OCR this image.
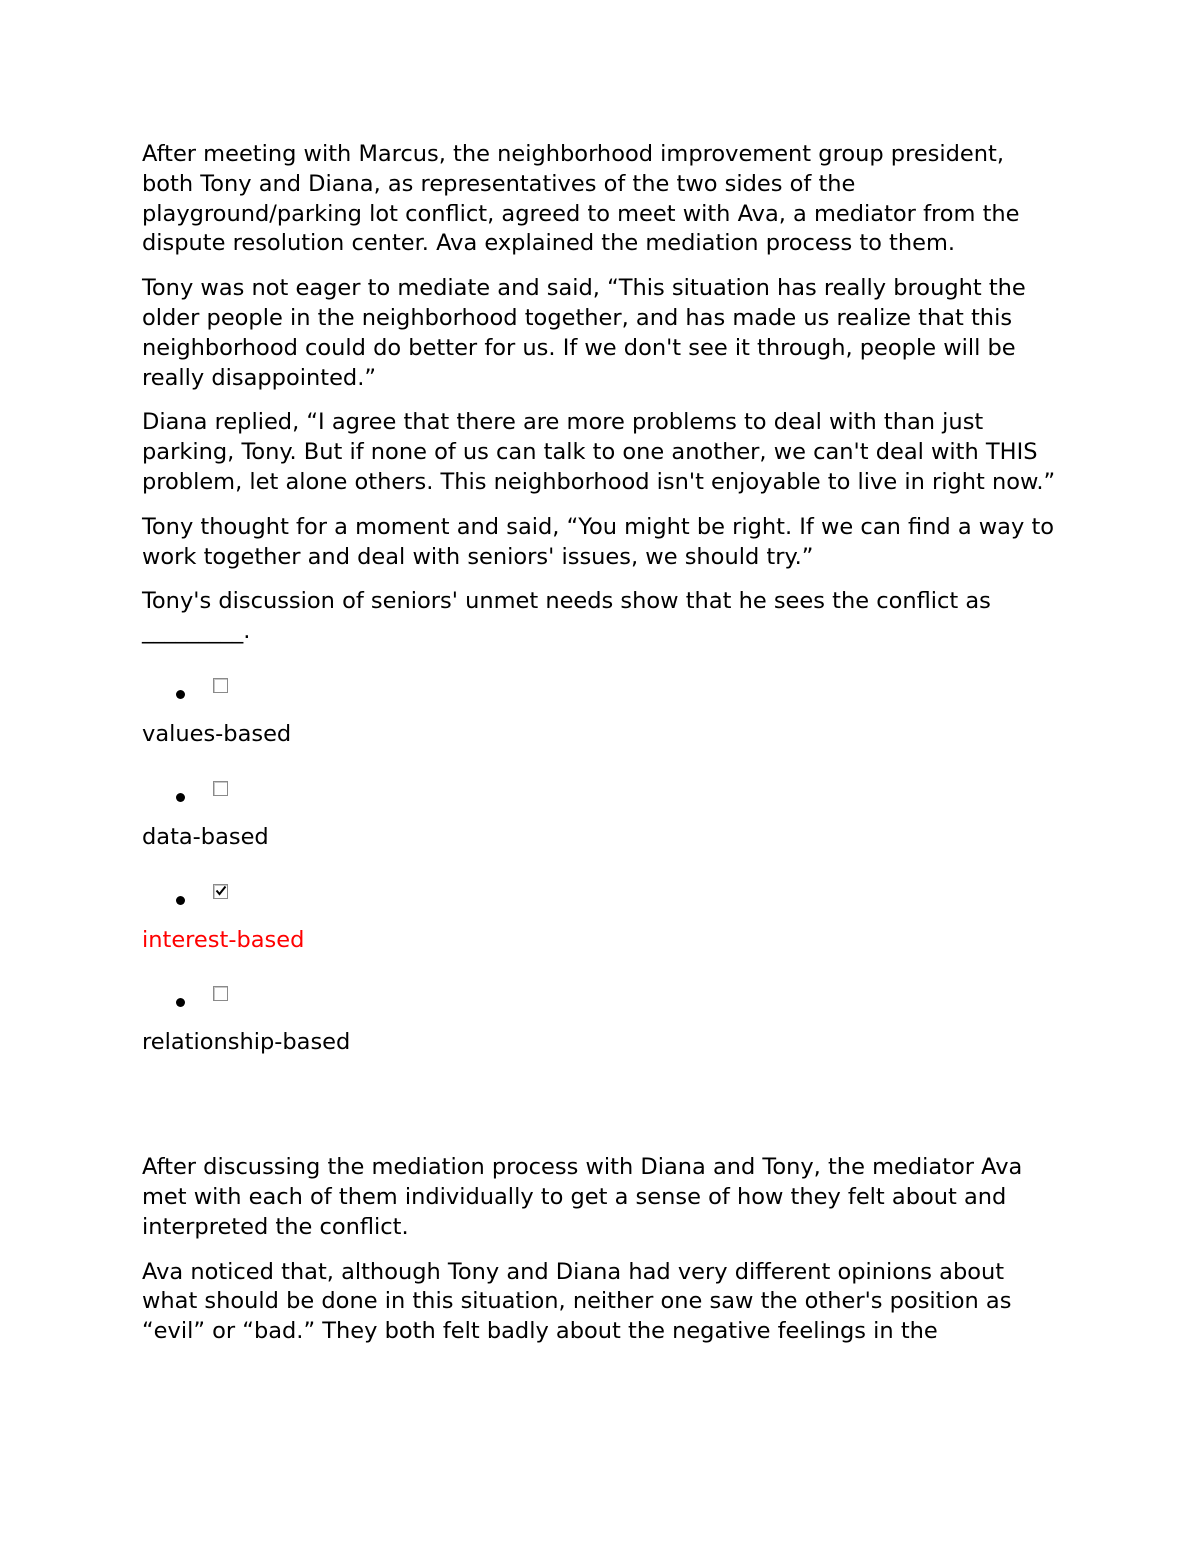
After meeting with Marcus, the neighborhood improvement group president, both Tony and Diana, as representatives of the two sides of the playground/parking lot conflict, agreed to meet with Ava, a mediator from the dispute resolution center. Ava explained the mediation process to them.

Tony was not eager to mediate and said, “This situation has really brought the older people in the neighborhood together, and has made us realize that this neighborhood could do better for us. If we don't see it through, people will be really disappointed.”

Diana replied, “I agree that there are more problems to deal with than just parking, Tony. But if none of us can talk to one another, we can't deal with THIS problem, let alone others. This neighborhood isn't enjoyable to live in right now.”

Tony thought for a moment and said, “You might be right. If we can find a way to work together and deal with seniors' issues, we should try.”

Tony's discussion of seniors' unmet needs show that he sees the conflict as
_________.

values-based
data-based
interest-based
relationship-based

After discussing the mediation process with Diana and Tony, the mediator Ava met with each of them individually to get a sense of how they felt about and interpreted the conflict.

Ava noticed that, although Tony and Diana had very different opinions about what should be done in this situation, neither one saw the other's position as “evil” or “bad.” They both felt badly about the negative feelings in the
